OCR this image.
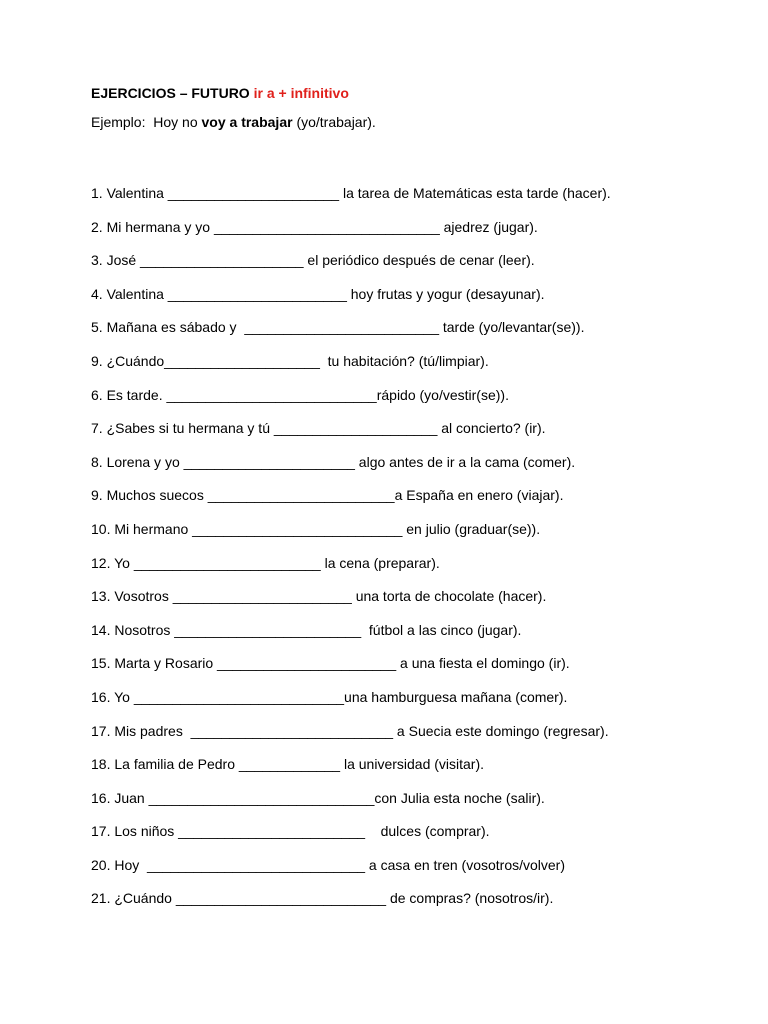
EJERCICIOS – FUTURO ir a + infinitivo
Ejemplo:  Hoy no voy a trabajar (yo/trabajar).
1. Valentina ______________________ la tarea de Matemáticas esta tarde (hacer).
2. Mi hermana y yo _____________________________ ajedrez (jugar).
3. José _____________________ el periódico después de cenar (leer).
4. Valentina _______________________ hoy frutas y yogur (desayunar).
5. Mañana es sábado y  _________________________ tarde (yo/levantar(se)).
9. ¿Cuándo____________________  tu habitación? (tú/limpiar).
6. Es tarde. ___________________________rápido (yo/vestir(se)).
7. ¿Sabes si tu hermana y tú _____________________ al concierto? (ir).
8. Lorena y yo ______________________ algo antes de ir a la cama (comer).
9. Muchos suecos ________________________a España en enero (viajar).
10. Mi hermano ___________________________ en julio (graduar(se)).
12. Yo ________________________ la cena (preparar).
13. Vosotros _______________________ una torta de chocolate (hacer).
14. Nosotros ________________________  fútbol a las cinco (jugar).
15. Marta y Rosario _______________________ a una fiesta el domingo (ir).
16. Yo ___________________________una hamburguesa mañana (comer).
17. Mis padres  __________________________ a Suecia este domingo (regresar).
18. La familia de Pedro _____________ la universidad (visitar).
16. Juan _____________________________con Julia esta noche (salir).
17. Los niños ________________________    dulces (comprar).
20. Hoy  ____________________________ a casa en tren (vosotros/volver)
21. ¿Cuándo ___________________________ de compras? (nosotros/ir).
